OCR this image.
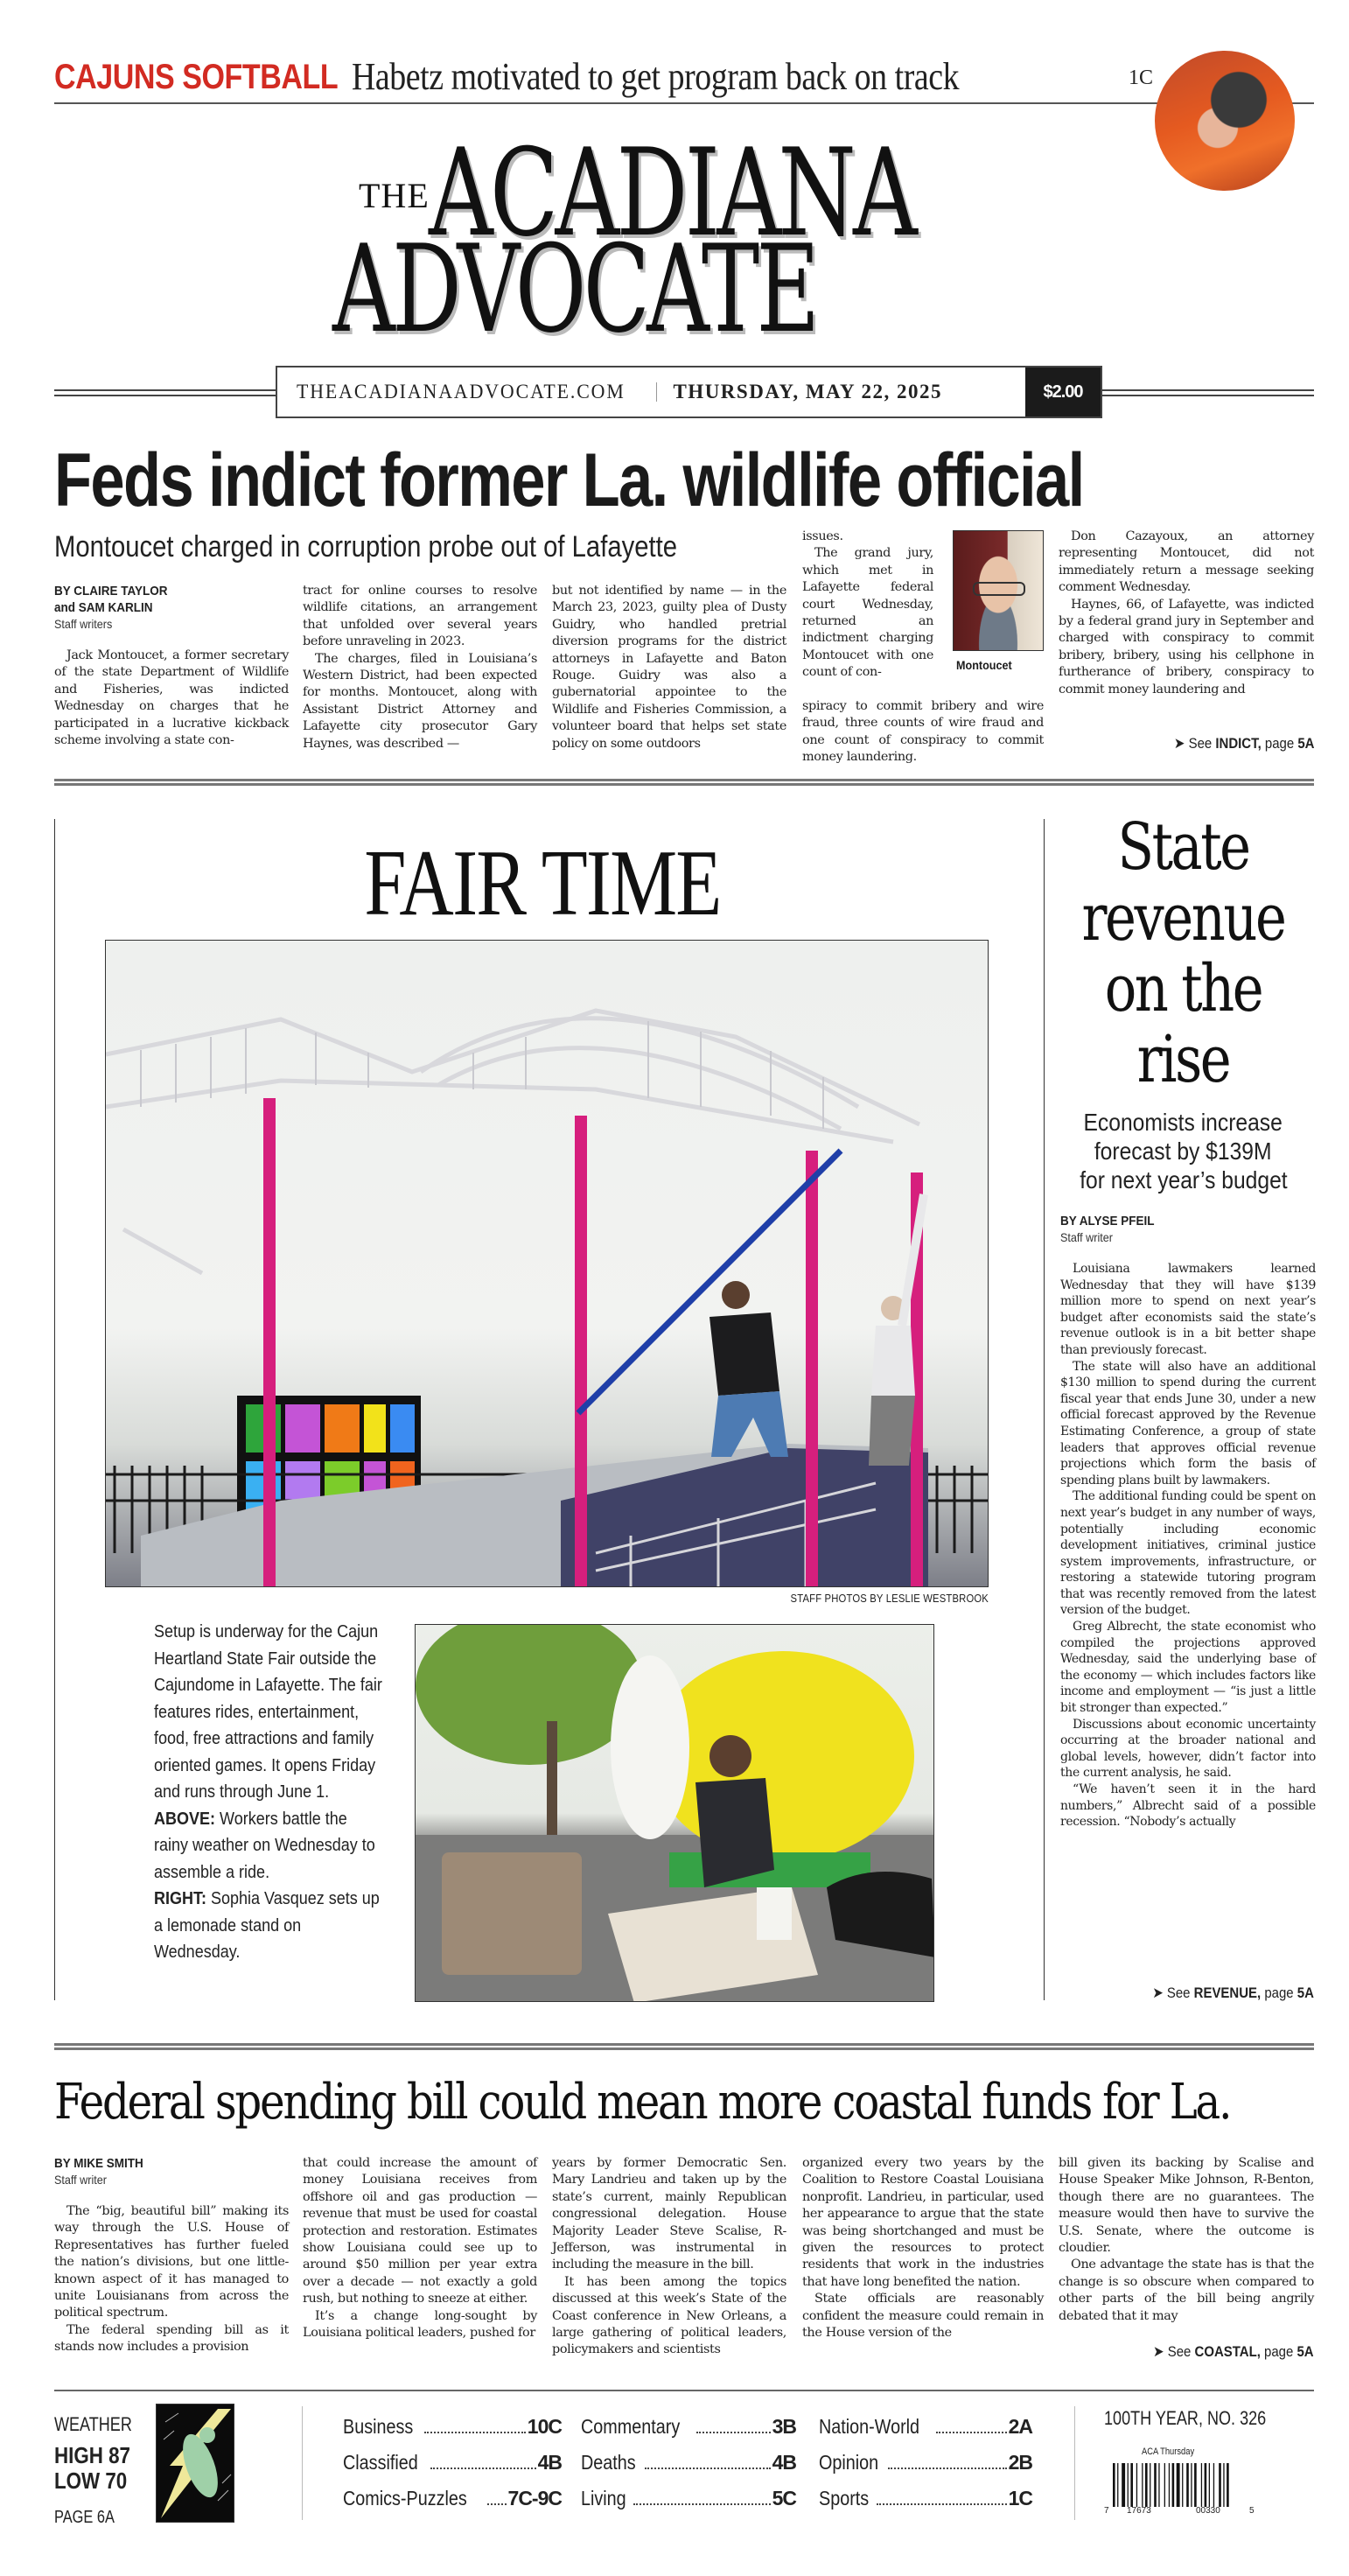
CAJUNS SOFTBALL Habetz motivated to get program back on track	1C
THE ACADIANA
ADVOCATE
THEACADIANAADVOCATE.COM THURSDAY, MAY 22, 2025	$2.00
Feds indict former La. wildlife official
Montoucet charged in corruption probe out of Lafayette
BY CLAIRE TAYLOR
and SAM KARLIN
Staff writers

Jack Montoucet, a former secretary of the state Department of Wildlife and Fisheries, was indicted Wednesday on charges that he participated in a lucrative kickback scheme involving a state con-

tract for online courses to resolve wildlife citations, an arrangement that unfolded over several years before unraveling in 2023.

The charges, filed in Louisiana’s Western District, had been expected for months. Montoucet, along with Assistant District Attorney and Lafayette city prosecutor Gary Haynes, was described —

but not identified by name — in the March 23, 2023, guilty plea of Dusty Guidry, who handled pretrial diversion programs for the district attorneys in Lafayette and Baton Rouge. Guidry was also a gubernatorial appointee to the Wildlife and Fisheries Commission, a volunteer board that helps set state policy on some outdoors

issues.

The grand jury, which met in Lafayette federal court Wednesday, returned an indictment charging Montoucet with one count of con-

Montoucet

spiracy to commit bribery and wire fraud, three counts of wire fraud and one count of conspiracy to commit money laundering.

Don Cazayoux, an attorney representing Montoucet, did not immediately return a message seeking comment Wednesday.

Haynes, 66, of Lafayette, was indicted by a federal grand jury in September and charged with conspiracy to commit bribery, bribery, using his cellphone in furtherance of bribery, conspiracy to commit money laundering and

➤ See INDICT, page 5A
FAIR TIME
STAFF PHOTOS BY LESLIE WESTBROOK
Setup is underway for the Cajun Heartland State Fair outside the Cajundome in Lafayette. The fair features rides, entertainment, food, free attractions and family oriented games. It opens Friday and runs through June 1.
ABOVE: Workers battle the rainy weather on Wednesday to assemble a ride.
RIGHT: Sophia Vasquez sets up a lemonade stand on Wednesday.
State
revenue
on the
rise
Economists increase
forecast by $139M
for next year’s budget
BY ALYSE PFEIL
Staff writer

Louisiana lawmakers learned Wednesday that they will have $139 million more to spend on next year’s budget after economists said the state’s revenue outlook is in a bit better shape than previously forecast.

The state will also have an additional $130 million to spend during the current fiscal year that ends June 30, under a new official forecast approved by the Revenue Estimating Conference, a group of state leaders that approves official revenue projections which form the basis of spending plans built by lawmakers.

The additional funding could be spent on next year’s budget in any number of ways, potentially including economic development initiatives, criminal justice system improvements, infrastructure, or restoring a statewide tutoring program that was recently removed from the latest version of the budget.

Greg Albrecht, the state economist who compiled the projections approved Wednesday, said the underlying base of the economy — which includes factors like income and employment — “is just a little bit stronger than expected.”

Discussions about economic uncertainty occurring at the broader national and global levels, however, didn’t factor into the current analysis, he said.

“We haven’t seen it in the hard numbers,” Albrecht said of a possible recession. “Nobody’s actually

➤ See REVENUE, page 5A
Federal spending bill could mean more coastal funds for La.
BY MIKE SMITH
Staff writer

The “big, beautiful bill” making its way through the U.S. House of Representatives has further fueled the nation’s divisions, but one little-known aspect of it has managed to unite Louisianans from across the political spectrum.

The federal spending bill as it stands now includes a provision

that could increase the amount of money Louisiana receives from offshore oil and gas production — revenue that must be used for coastal protection and restoration. Estimates show Louisiana could see up to around $50 million per year extra over a decade — not exactly a gold rush, but nothing to sneeze at either.

It’s a change long-sought by Louisiana political leaders, pushed for

years by former Democratic Sen. Mary Landrieu and taken up by the state’s current, mainly Republican congressional delegation. House Majority Leader Steve Scalise, R-Jefferson, was instrumental in including the measure in the bill.

It has been among the topics discussed at this week’s State of the Coast conference in New Orleans, a large gathering of political leaders, policymakers and scientists

organized every two years by the Coalition to Restore Coastal Louisiana nonprofit. Landrieu, in particular, used her appearance to argue that the state was being shortchanged and must be given the resources to protect residents that work in the industries that have long benefited the nation.

State officials are reasonably confident the measure could remain in the House version of the

bill given its backing by Scalise and House Speaker Mike Johnson, R-Benton, though there are no guarantees. The measure would then have to survive the U.S. Senate, where the outcome is cloudier.

One advantage the state has is that the change is so obscure when compared to other parts of the bill being angrily debated that it may

➤ See COASTAL, page 5A
WEATHER
HIGH 87
LOW 70
PAGE 6A
Business	10C
Classified	4B
Comics-Puzzles 7C-9C
Commentary	3B
Deaths	4B
Living	5C
Nation-World	2A
Opinion	2B
Sports	1C
100TH YEAR, NO. 326
ACA Thursday
7 17673	00330	5
